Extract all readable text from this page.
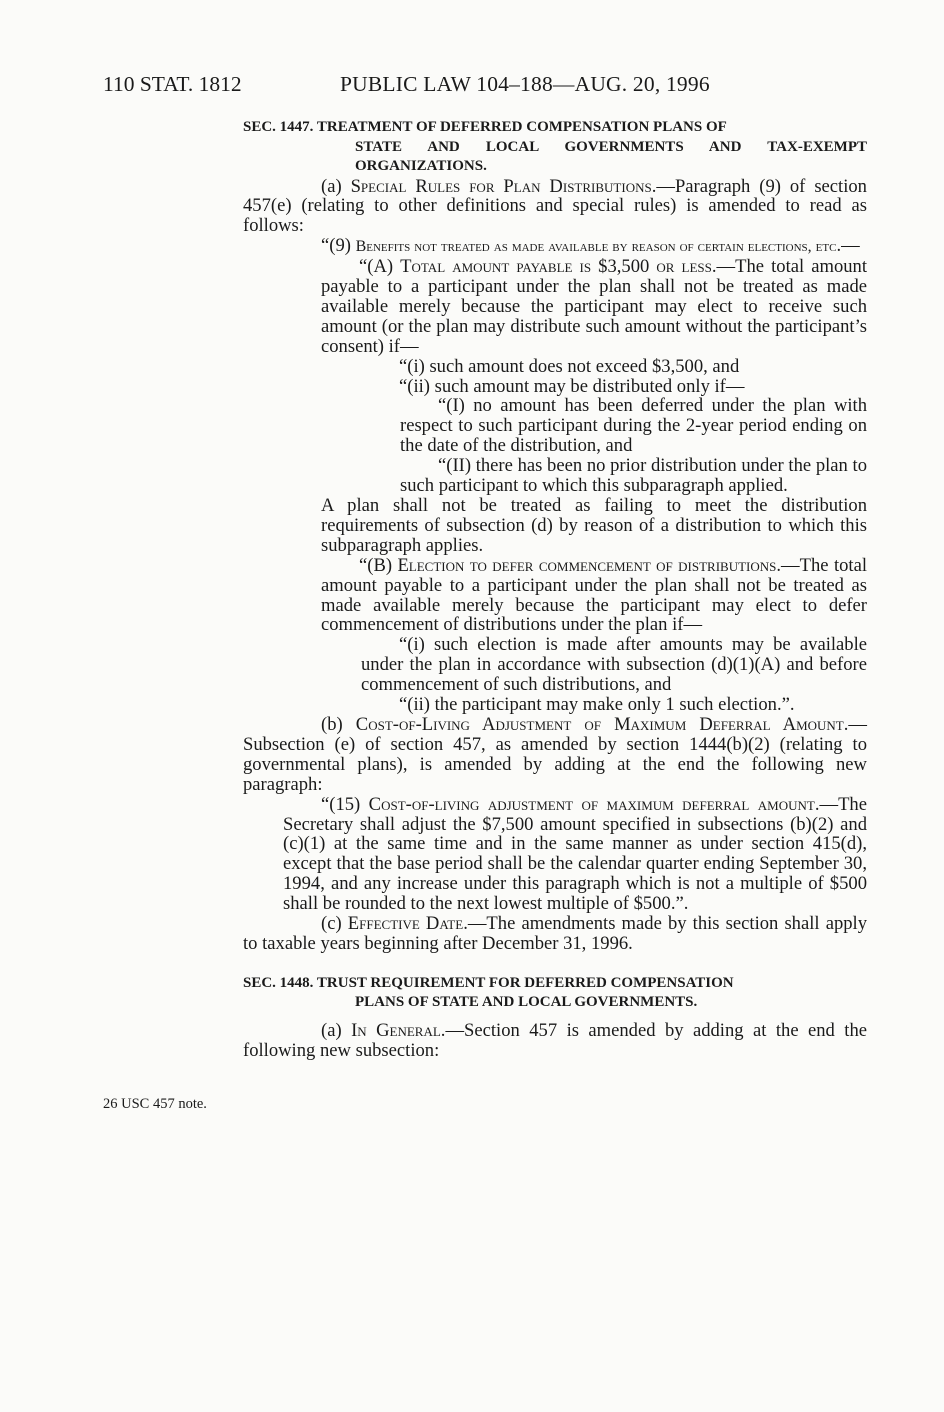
110 STAT. 1812	PUBLIC LAW 104–188—AUG. 20, 1996
26 USC 457 note.

SEC. 1447. TREATMENT OF DEFERRED COMPENSATION PLANS OF
STATE AND LOCAL GOVERNMENTS AND TAX-EXEMPT ORGANIZATIONS.

(a) Special Rules for Plan Distributions.—Paragraph (9) of section 457(e) (relating to other definitions and special rules) is amended to read as follows:

“(9) Benefits not treated as made available by reason of certain elections, etc.—

“(A) Total amount payable is $3,500 or less.—The total amount payable to a participant under the plan shall not be treated as made available merely because the participant may elect to receive such amount (or the plan may distribute such amount without the participant’s consent) if—

“(i) such amount does not exceed $3,500, and

“(ii) such amount may be distributed only if—

“(I) no amount has been deferred under the plan with respect to such participant during the 2-year period ending on the date of the distribution, and

“(II) there has been no prior distribution under the plan to such participant to which this subparagraph applied.

A plan shall not be treated as failing to meet the distribution requirements of subsection (d) by reason of a distribution to which this subparagraph applies.

“(B) Election to defer commencement of distributions.—The total amount payable to a participant under the plan shall not be treated as made available merely because the participant may elect to defer commencement of distributions under the plan if—

“(i) such election is made after amounts may be available under the plan in accordance with subsection (d)(1)(A) and before commencement of such distributions, and

“(ii) the participant may make only 1 such election.”.

(b) Cost-of-Living Adjustment of Maximum Deferral Amount.—Subsection (e) of section 457, as amended by section 1444(b)(2) (relating to governmental plans), is amended by adding at the end the following new paragraph:

“(15) Cost-of-living adjustment of maximum deferral amount.—The Secretary shall adjust the $7,500 amount specified in subsections (b)(2) and (c)(1) at the same time and in the same manner as under section 415(d), except that the base period shall be the calendar quarter ending September 30, 1994, and any increase under this paragraph which is not a multiple of $500 shall be rounded to the next lowest multiple of $500.”.

(c) Effective Date.—The amendments made by this section shall apply to taxable years beginning after December 31, 1996.

SEC. 1448. TRUST REQUIREMENT FOR DEFERRED COMPENSATION
PLANS OF STATE AND LOCAL GOVERNMENTS.

(a) In General.—Section 457 is amended by adding at the end the following new subsection:
